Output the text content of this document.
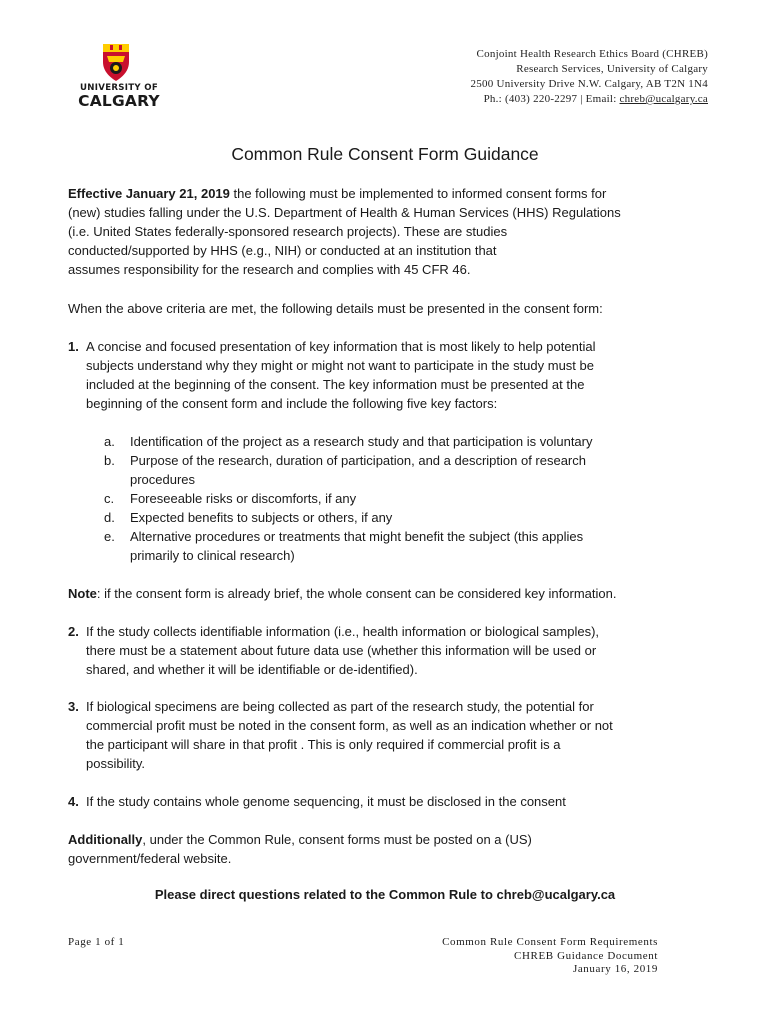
UNIVERSITY OF
CALGARY
Conjoint Health Research Ethics Board (CHREB)
Research Services, University of Calgary
2500 University Drive N.W. Calgary, AB T2N 1N4
Ph.: (403) 220-2297 | Email: chreb@ucalgary.ca
Common Rule Consent Form Guidance
Effective January 21, 2019 the following must be implemented to informed consent forms for
(new) studies falling under the U.S. Department of Health & Human Services (HHS) Regulations
(i.e. United States federally-sponsored research projects). These are studies
conducted/supported by HHS (e.g., NIH) or conducted at an institution that
assumes responsibility for the research and complies with 45 CFR 46.
When the above criteria are met, the following details must be presented in the consent form:
1. A concise and focused presentation of key information that is most likely to help potential
subjects understand why they might or might not want to participate in the study must be
included at the beginning of the consent. The key information must be presented at the
beginning of the consent form and include the following five key factors:
a. Identification of the project as a research study and that participation is voluntary
b. Purpose of the research, duration of participation, and a description of research
procedures
c. Foreseeable risks or discomforts, if any
d. Expected benefits to subjects or others, if any
e. Alternative procedures or treatments that might benefit the subject (this applies
primarily to clinical research)
Note: if the consent form is already brief, the whole consent can be considered key information.
2. If the study collects identifiable information (i.e., health information or biological samples),
there must be a statement about future data use (whether this information will be used or
shared, and whether it will be identifiable or de-identified).
3. If biological specimens are being collected as part of the research study, the potential for
commercial profit must be noted in the consent form, as well as an indication whether or not
the participant will share in that profit . This is only required if commercial profit is a
possibility.
4. If the study contains whole genome sequencing, it must be disclosed in the consent
Additionally, under the Common Rule, consent forms must be posted on a (US)
government/federal website.
Please direct questions related to the Common Rule to chreb@ucalgary.ca
Page 1 of 1	Common Rule Consent Form Requirements
CHREB Guidance Document
January 16, 2019
